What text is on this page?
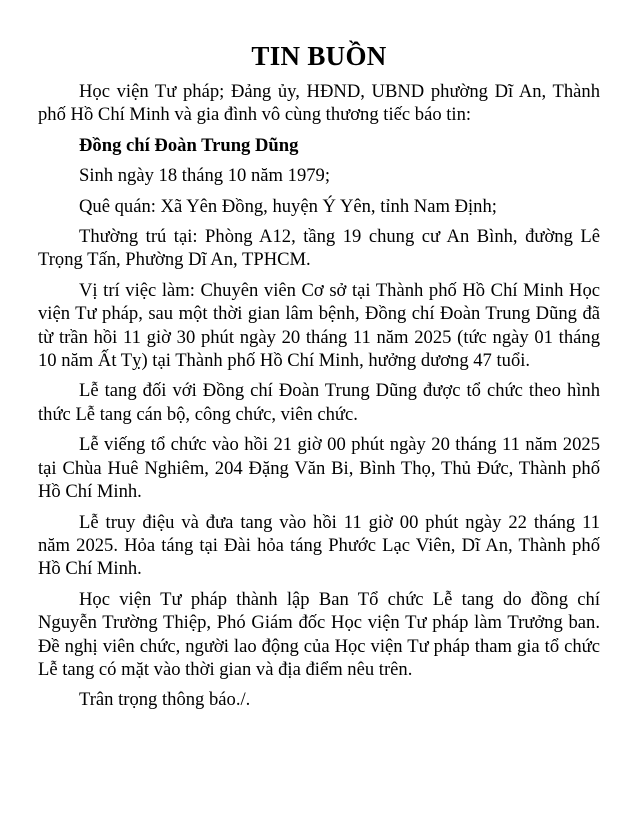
TIN BUỒN

Học viện Tư pháp; Đảng ủy, HĐND, UBND phường Dĩ An, Thành phố Hồ Chí Minh và gia đình vô cùng thương tiếc báo tin:

Đồng chí Đoàn Trung Dũng

Sinh ngày 18 tháng 10 năm 1979;

Quê quán: Xã Yên Đồng, huyện Ý Yên, tỉnh Nam Định;

Thường trú tại: Phòng A12, tầng 19 chung cư An Bình, đường Lê Trọng Tấn, Phường Dĩ An, TPHCM.

Vị trí việc làm: Chuyên viên Cơ sở tại Thành phố Hồ Chí Minh Học viện Tư pháp, sau một thời gian lâm bệnh, Đồng chí Đoàn Trung Dũng đã từ trần hồi 11 giờ 30 phút ngày 20 tháng 11 năm 2025 (tức ngày 01 tháng 10 năm Ất Tỵ) tại Thành phố Hồ Chí Minh, hưởng dương 47 tuổi.

Lễ tang đối với Đồng chí Đoàn Trung Dũng được tổ chức theo hình thức Lễ tang cán bộ, công chức, viên chức.

Lễ viếng tổ chức vào hồi 21 giờ 00 phút ngày 20 tháng 11 năm 2025 tại Chùa Huê Nghiêm, 204 Đặng Văn Bi, Bình Thọ, Thủ Đức, Thành phố Hồ Chí Minh.

Lễ truy điệu và đưa tang vào hồi 11 giờ 00 phút ngày 22 tháng 11 năm 2025. Hỏa táng tại Đài hỏa táng Phước Lạc Viên, Dĩ An, Thành phố Hồ Chí Minh.

Học viện Tư pháp thành lập Ban Tổ chức Lễ tang do đồng chí Nguyễn Trường Thiệp, Phó Giám đốc Học viện Tư pháp làm Trưởng ban. Đề nghị viên chức, người lao động của Học viện Tư pháp tham gia tổ chức Lễ tang có mặt vào thời gian và địa điểm nêu trên.

Trân trọng thông báo./.
